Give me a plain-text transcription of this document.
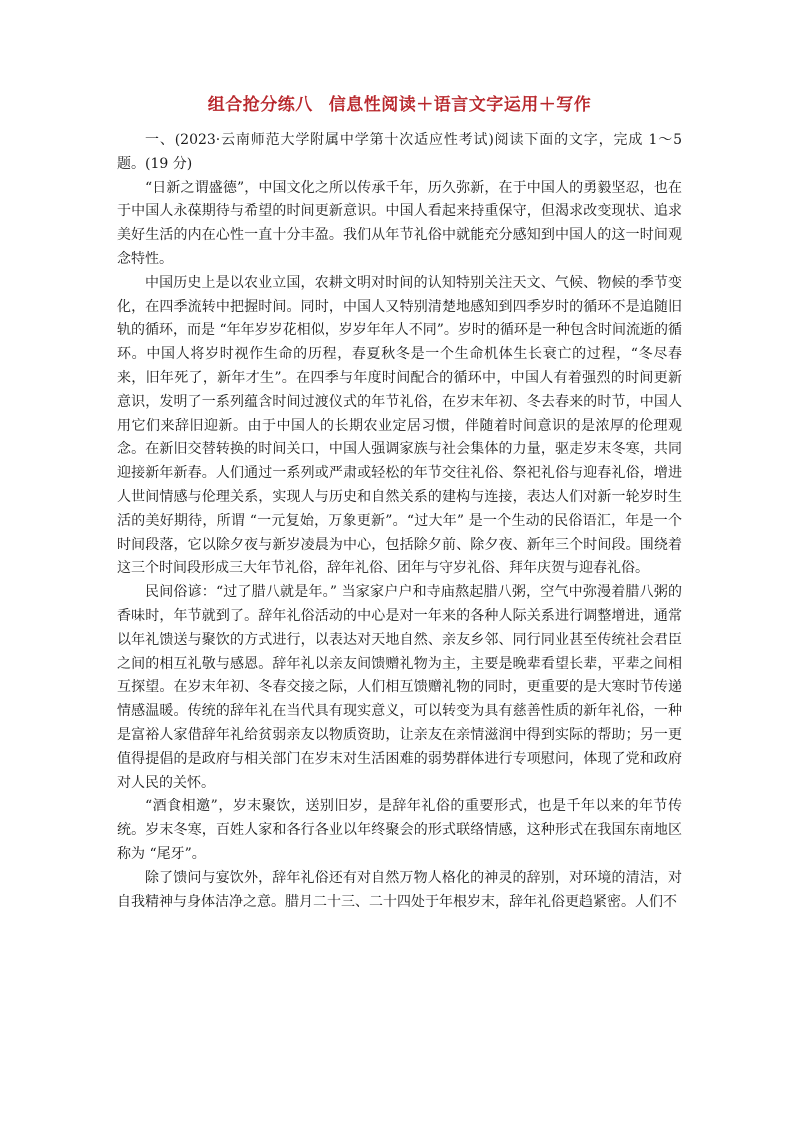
组合抢分练八 信息性阅读＋语言文字运用＋写作

一、(2023·云南师范大学附属中学第十次适应性考试)阅读下面的文字，完成 1～5 题。(19 分)

“日新之谓盛德”，中国文化之所以传承千年，历久弥新，在于中国人的勇毅坚忍，也在于中国人永葆期待与希望的时间更新意识。中国人看起来持重保守，但渴求改变现状、追求美好生活的内在心性一直十分丰盈。我们从年节礼俗中就能充分感知到中国人的这一时间观念特性。

中国历史上是以农业立国，农耕文明对时间的认知特别关注天文、气候、物候的季节变化，在四季流转中把握时间。同时，中国人又特别清楚地感知到四季岁时的循环不是追随旧轨的循环，而是 “年年岁岁花相似，岁岁年年人不同”。岁时的循环是一种包含时间流逝的循环。中国人将岁时视作生命的历程，春夏秋冬是一个生命机体生长衰亡的过程，“冬尽春来，旧年死了，新年才生”。在四季与年度时间配合的循环中，中国人有着强烈的时间更新意识，发明了一系列蕴含时间过渡仪式的年节礼俗，在岁末年初、冬去春来的时节，中国人用它们来辞旧迎新。由于中国人的长期农业定居习惯，伴随着时间意识的是浓厚的伦理观念。在新旧交替转换的时间关口，中国人强调家族与社会集体的力量，驱走岁末冬寒，共同迎接新年新春。人们通过一系列或严肃或轻松的年节交往礼俗、祭祀礼俗与迎春礼俗，增进人世间情感与伦理关系，实现人与历史和自然关系的建构与连接，表达人们对新一轮岁时生活的美好期待，所谓 “一元复始，万象更新”。“过大年” 是一个生动的民俗语汇，年是一个时间段落，它以除夕夜与新岁凌晨为中心，包括除夕前、除夕夜、新年三个时间段。围绕着这三个时间段形成三大年节礼俗，辞年礼俗、团年与守岁礼俗、拜年庆贺与迎春礼俗。

民间俗谚：“过了腊八就是年。” 当家家户户和寺庙熬起腊八粥，空气中弥漫着腊八粥的香味时，年节就到了。辞年礼俗活动的中心是对一年来的各种人际关系进行调整增进，通常以年礼馈送与聚饮的方式进行，以表达对天地自然、亲友乡邻、同行同业甚至传统社会君臣之间的相互礼敬与感恩。辞年礼以亲友间馈赠礼物为主，主要是晚辈看望长辈，平辈之间相互探望。在岁末年初、冬春交接之际，人们相互馈赠礼物的同时，更重要的是大寒时节传递情感温暖。传统的辞年礼在当代具有现实意义，可以转变为具有慈善性质的新年礼俗，一种是富裕人家借辞年礼给贫弱亲友以物质资助，让亲友在亲情滋润中得到实际的帮助；另一更值得提倡的是政府与相关部门在岁末对生活困难的弱势群体进行专项慰问，体现了党和政府对人民的关怀。

“酒食相邀”，岁末聚饮，送别旧岁，是辞年礼俗的重要形式，也是千年以来的年节传统。岁末冬寒，百姓人家和各行各业以年终聚会的形式联络情感，这种形式在我国东南地区称为 “尾牙”。

除了馈问与宴饮外，辞年礼俗还有对自然万物人格化的神灵的辞别，对环境的清洁，对自我精神与身体洁净之意。腊月二十三、二十四处于年根岁末，辞年礼俗更趋紧密。人们不
